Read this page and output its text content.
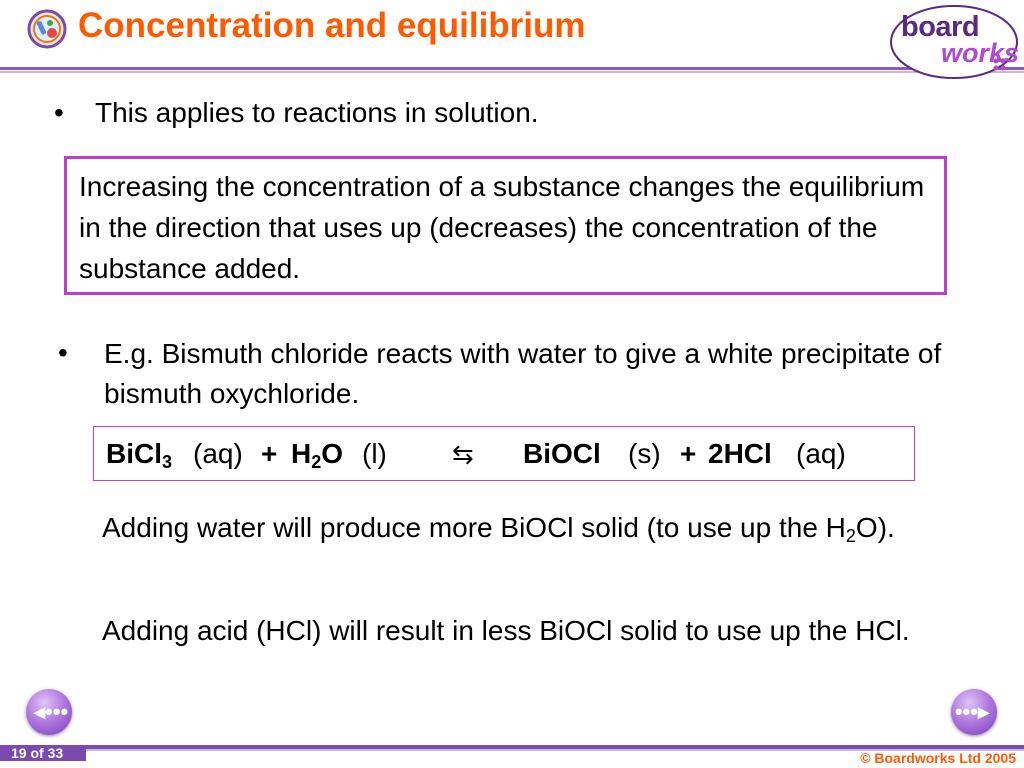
Concentration and equilibrium	board
works
• This applies to reactions in solution.
Increasing the concentration of a substance changes the equilibrium in the direction that uses up (decreases) the concentration of the substance added.
• E.g. Bismuth chloride reacts with water to give a white precipitate of bismuth oxychloride.
BiCl$_3$ $(aq) + H_2O$ (l)	⇆ BiOCl (s) + 2HCl (aq)
Adding water will produce more BiOCl solid (to use up the $H_2O$).
Adding acid (HCl) will result in less BiOCl solid to use up the HCl.
◂•••	•••▸
19 of 33	© Boardworks Ltd 2005
